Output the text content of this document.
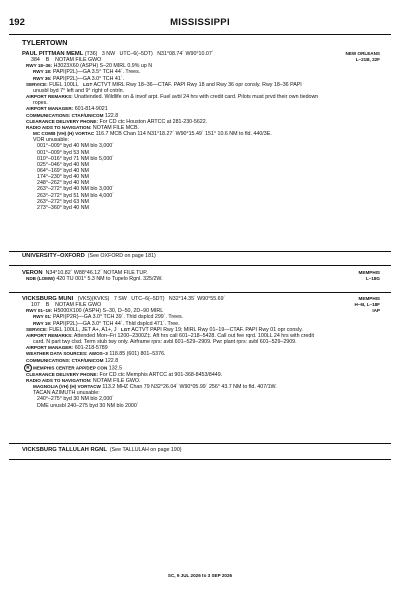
192	MISSISSIPPI
TYLERTOWN
NEW ORLEANS
L–21B, 22F
PAUL PITTMAN MEML (T36) 3 NW UTC–6(–5DT) N31°08.74´ W90°10.07´
384 B NOTAM FILE GWO
RWY 18–36: H3023X60 (ASPH) S–20 MIRL 0.9% up N
RWY 18: PAPI(P2L)—GA 3.5° TCH 44´. Trees.
RWY 36: PAPI(P2L)—GA 3.0° TCH 41´.
SERVICE: FUEL 100LL LGT ACTVT MIRL Rwy 18–36—CTAF. PAPI Rwy 18 and Rwy 36 opr consly. Rwy 18–36 PAPI
unusbl byd 7° left and 9° right of cntrln.
AIRPORT REMARKS: Unattended. Wildlife on & invof arpt. Fuel avbl 24 hrs with credit card. Pilots must prvd their own tiedown
ropes.
AIRPORT MANAGER: 601-814-9021
COMMUNICATIONS: CTAF/UNICOM 122.8
CLEARANCE DELIVERY PHONE: For CD ctc Houston ARTCC at 281-230-5622.
RADIO AIDS TO NAVIGATION: NOTAM FILE MCB.
MC COMB (VH) (H) VORTAC 116.7 MCB Chan 114 N31°18.27´ W90°15.49´ 151° 10.6 NM to fld. 440/3E.
VOR unusable:
001°–009° byd 40 NM blo 3,000´
001°–009° byd 53 NM
010°–016° byd 71 NM blo 5,000´
025°–046° byd 40 NM
064°–169° byd 40 NM
174°–230° byd 40 NM
248°–262° byd 40 NM
263°–272° byd 40 NM blo 3,000´
263°–272° byd 51 NM blo 4,000´
263°–272° byd 63 NM
273°–360° byd 40 NM
UNIVERSITY–OXFORD (See OXFORD on page 181)
MEMPHIS
L–18G
VERON N34°10.82´ W88°46.12´ NOTAM FILE TUP.
NDB (LOMW) 420 TU 001° 5.3 NM to Tupelo Rgnl. 325/2W.
MEMPHIS
H–6I, L–18F
IAP
VICKSBURG MUNI (VKS)(KVKS) 7 SW UTC–6(–5DT) N32°14.35´ W90°55.69´
107 B NOTAM FILE GWO
RWY 01–19: H5000X100 (ASPH) S–30, D–50, 2D–90 MIRL
RWY 01: PAPI(P2R)—GA 3.0° TCH 39´. Thld dsplcd 299´. Trees.
RWY 19: PAPI(P2L)—GA 3.0° TCH 44´. Thld dsplcd 471´. Tree.
SERVICE: FUEL 100LL, JET A+, A1+, J LGT ACTVT PAPI Rwy 19; MIRL Rwy 01–19—CTAF. PAPI Rwy 01 opr consly.
AIRPORT REMARKS: Attended Mon–Fri 1200–2300Z‡. Aft hrs call 601–218–5428. Call out fee rqrd. 100LL 24 hrs with credit
card. N part twy clsd. Term stub twy only. Airframe rprs: avbl 601–529–2909. Pwr plant rprs: avbl 601–529–2909.
AIRPORT MANAGER: 601-218-5789
WEATHER DATA SOURCES: AWOS–3 118.85 (601) 801–5376.
COMMUNICATIONS: CTAF/UNICOM 122.8
R MEMPHIS CENTER APP/DEP CON 132.5
CLEARANCE DELIVERY PHONE: For CD ctc Memphis ARTCC at 901-368-8453/8449.
RADIO AIDS TO NAVIGATION: NOTAM FILE GWO.
MAGNOLIA (VH) (H) VORTACW 113.2 MHZ Chan 79 N32°26.04´ W90°05.99´ 256° 43.7 NM to fld. 407/1W.
TACAN AZIMUTH unusable:
240°–275° byd 30 NM blo 2,000´
DME unusbl 240–275 byd 30 NM blo 2000´
VICKSBURG TALLULAH RGNL (See TALLULAH on page 190)
SC, 9 JUL 2026 to 3 SEP 2026
